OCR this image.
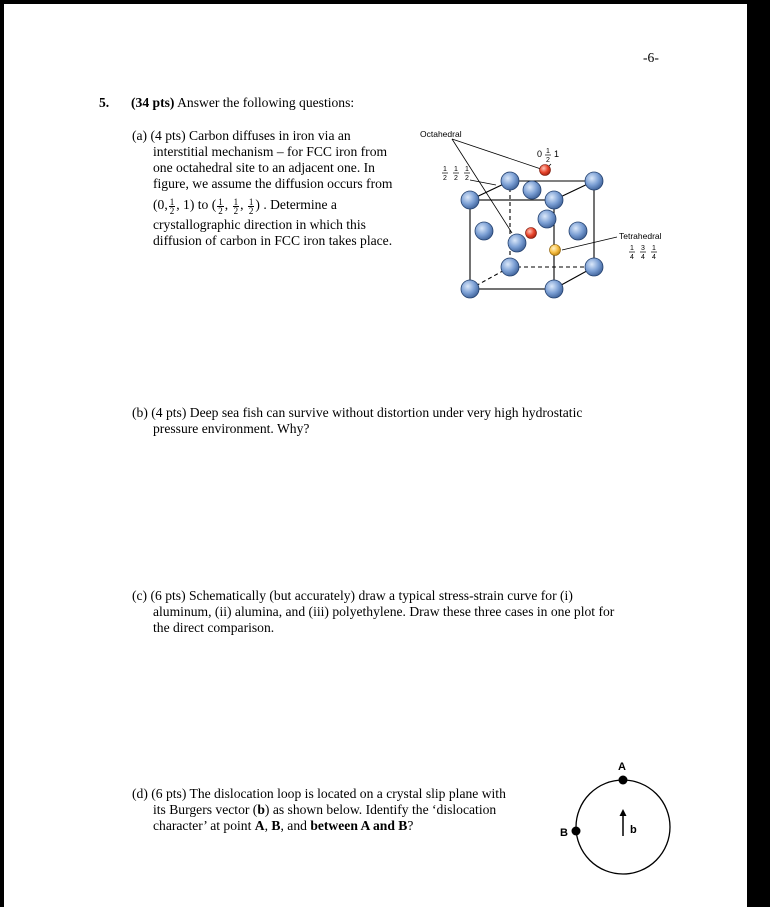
-6-
5. (34 pts) Answer the following questions:
(a) (4 pts) Carbon diffuses in iron via an
interstitial mechanism – for FCC iron from
one octahedral site to an adjacent one. In
figure, we assume the diffusion occurs from
(0, $\frac{1}{2}$ , 1) to ( $\frac{1}{2}$ , $\frac{1}{2}$ , $\frac{1}{2}$ ) . Determine a
crystallographic direction in which this
diffusion of carbon in FCC iron takes place.
Octahedral
0 1
2
1
1
2
1
2
1
2
Tetrahedral
1
4
3
4
1
4
(b) (4 pts) Deep sea fish can survive without distortion under very high hydrostatic
pressure environment. Why?
(c) (6 pts) Schematically (but accurately) draw a typical stress-strain curve for (i)
aluminum, (ii) alumina, and (iii) polyethylene. Draw these three cases in one plot for
the direct comparison.
(d) (6 pts) The dislocation loop is located on a crystal slip plane with
its Burgers vector (b) as shown below. Identify the ‘dislocation
character’ at point A, B, and between A and B?
A
B	b
